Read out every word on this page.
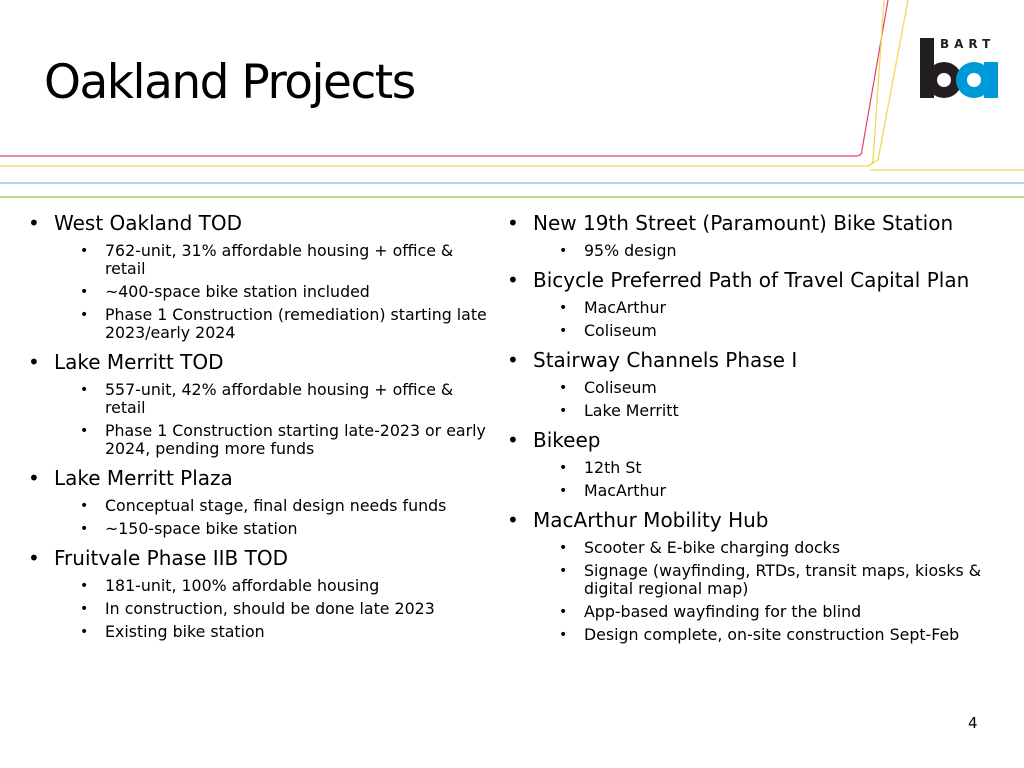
Oakland Projects
BART
• West Oakland TOD
• 762-unit, 31% affordable housing + office & retail
• ~400-space bike station included
• Phase 1 Construction (remediation) starting late 2023/early 2024
• Lake Merritt TOD
• 557-unit, 42% affordable housing + office & retail
• Phase 1 Construction starting late-2023 or early 2024, pending more funds
• Lake Merritt Plaza
• Conceptual stage, final design needs funds
• ~150-space bike station
• Fruitvale Phase IIB TOD
• 181-unit, 100% affordable housing
• In construction, should be done late 2023
• Existing bike station
• New 19th Street (Paramount) Bike Station
• 95% design
• Bicycle Preferred Path of Travel Capital Plan
• MacArthur
• Coliseum
• Stairway Channels Phase I
• Coliseum
• Lake Merritt
• Bikeep
• 12th St
• MacArthur
• MacArthur Mobility Hub
• Scooter & E-bike charging docks
• Signage (wayfinding, RTDs, transit maps, kiosks & digital regional map)
• App-based wayfinding for the blind
• Design complete, on-site construction Sept-Feb
4
